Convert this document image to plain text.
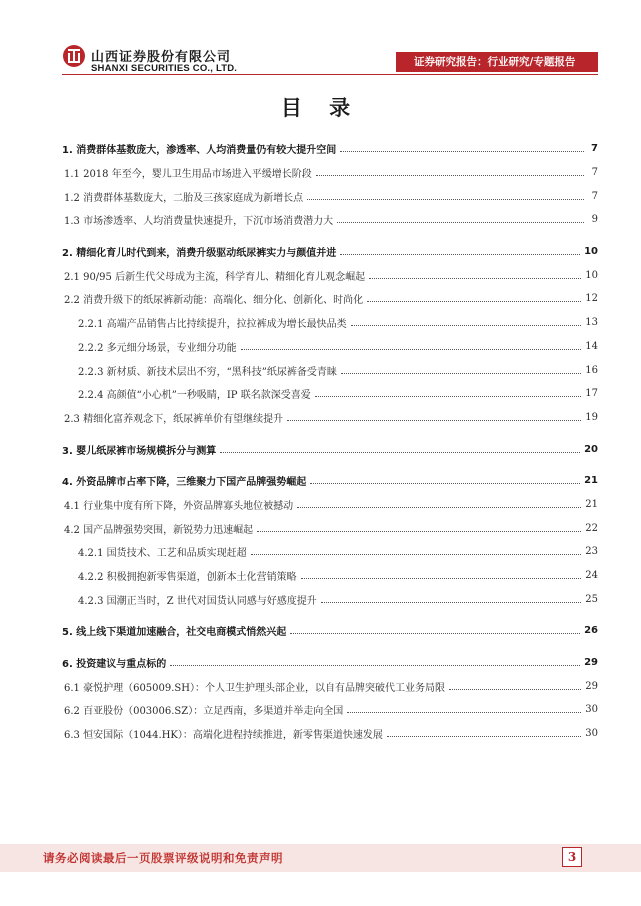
山西证券股份有限公司
SHANXI SECURITIES CO., LTD.
证券研究报告：行业研究/专题报告
目 录
1. 消费群体基数庞大，渗透率、人均消费量仍有较大提升空间	7
1.1 2018 年至今，婴儿卫生用品市场进入平缓增长阶段	7
1.2 消费群体基数庞大，二胎及三孩家庭成为新增长点	7
1.3 市场渗透率、人均消费量快速提升，下沉市场消费潜力大	9
2. 精细化育儿时代到来，消费升级驱动纸尿裤实力与颜值并进	10
2.1 90/95 后新生代父母成为主流，科学育儿、精细化育儿观念崛起	10
2.2 消费升级下的纸尿裤新动能：高端化、细分化、创新化、时尚化	12
2.2.1 高端产品销售占比持续提升，拉拉裤成为增长最快品类	13
2.2.2 多元细分场景，专业细分功能	14
2.2.3 新材质、新技术层出不穷，“黑科技”纸尿裤备受青睐	16
2.2.4 高颜值“小心机”一秒吸睛，IP 联名款深受喜爱	17
2.3 精细化富养观念下，纸尿裤单价有望继续提升	19
3. 婴儿纸尿裤市场规模拆分与测算	20
4. 外资品牌市占率下降，三维聚力下国产品牌强势崛起	21
4.1 行业集中度有所下降，外资品牌寡头地位被撼动	21
4.2 国产品牌强势突围，新锐势力迅速崛起	22
4.2.1 国货技术、工艺和品质实现赶超	23
4.2.2 积极拥抱新零售渠道，创新本土化营销策略	24
4.2.3 国潮正当时，Z 世代对国货认同感与好感度提升	25
5. 线上线下渠道加速融合，社交电商模式悄然兴起	26
6. 投资建议与重点标的	29
6.1 豪悦护理（605009.SH）：个人卫生护理头部企业，以自有品牌突破代工业务局限	29
6.2 百亚股份（003006.SZ）：立足西南，多渠道并举走向全国	30
6.3 恒安国际（1044.HK）：高端化进程持续推进，新零售渠道快速发展	30
请务必阅读最后一页股票评级说明和免责声明	3
